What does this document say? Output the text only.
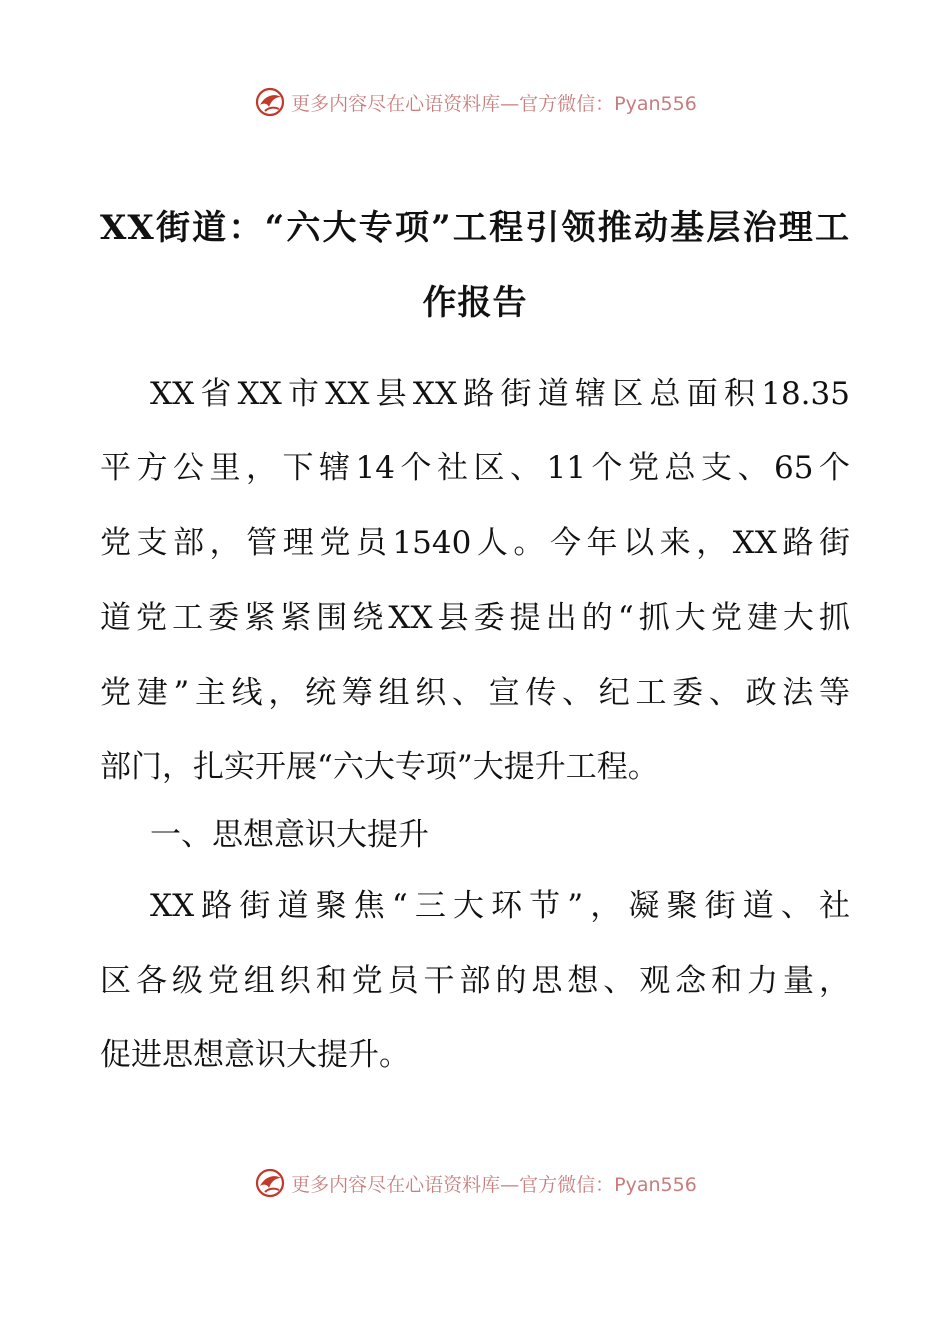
更多内容尽在心语资料库—官方微信：Pyan556
XX街道：“六大专项”工程引领推动基层治理工
作报告
XX省XX市XX县XX路街道辖区总面积18.35
平方公里，下辖14个社区、11个党总支、65个
党支部，管理党员1540人。今年以来，XX路街
道党工委紧紧围绕XX县委提出的“抓大党建大抓
党建”主线，统筹组织、宣传、纪工委、政法等
部门，扎实开展“六大专项”大提升工程。
一、思想意识大提升
XX路街道聚焦“三大环节”，凝聚街道、社
区各级党组织和党员干部的思想、观念和力量，
促进思想意识大提升。
更多内容尽在心语资料库—官方微信：Pyan556
